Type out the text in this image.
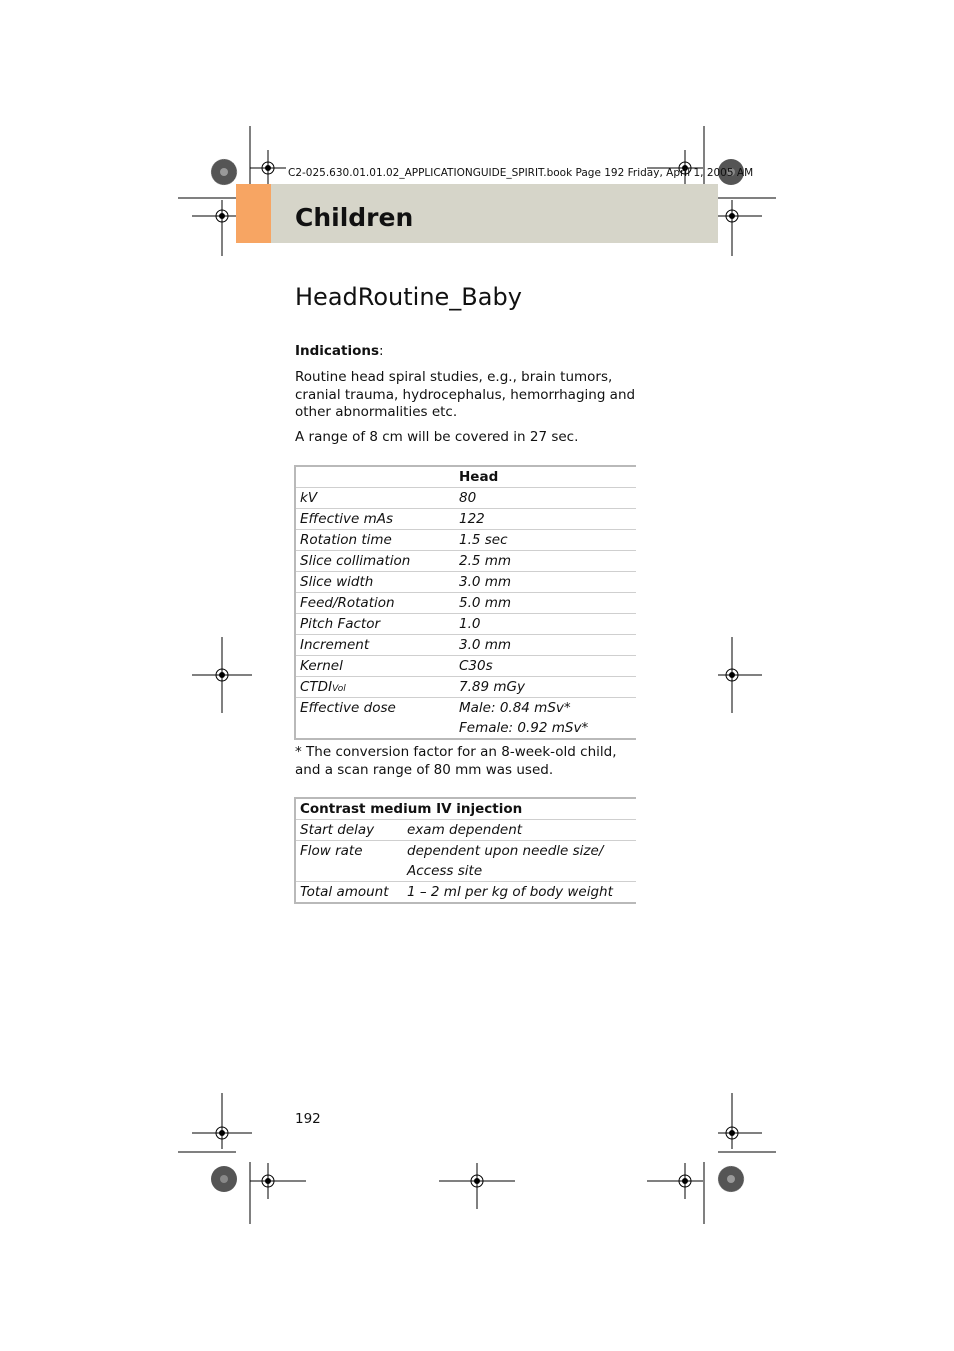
C2-025.630.01.01.02_APPLICATIONGUIDE_SPIRIT.book Page 192 Friday, April 1, 2005 AM
Children
HeadRoutine_Baby
Indications:
Routine head spiral studies, e.g., brain tumors, cranial trauma, hydrocephalus, hemorrhaging and other abnormalities etc.
A range of 8 cm will be covered in 27 sec.
	Head
kV	80
Effective mAs	122
Rotation time	1.5 sec
Slice collimation	2.5 mm
Slice width	3.0 mm
Feed/Rotation	5.0 mm
Pitch Factor	1.0
Increment	3.0 mm
Kernel	C30s
CTDIVol	7.89 mGy
Effective dose	Male: 0.84 mSv*
	Female: 0.92 mSv*
* The conversion factor for an 8-week-old child, and a scan range of 80 mm was used.
Contrast medium IV injection	
Start delay	exam dependent
Flow rate	dependent upon needle size/
	Access site
Total amount	1 – 2 ml per kg of body weight
192
